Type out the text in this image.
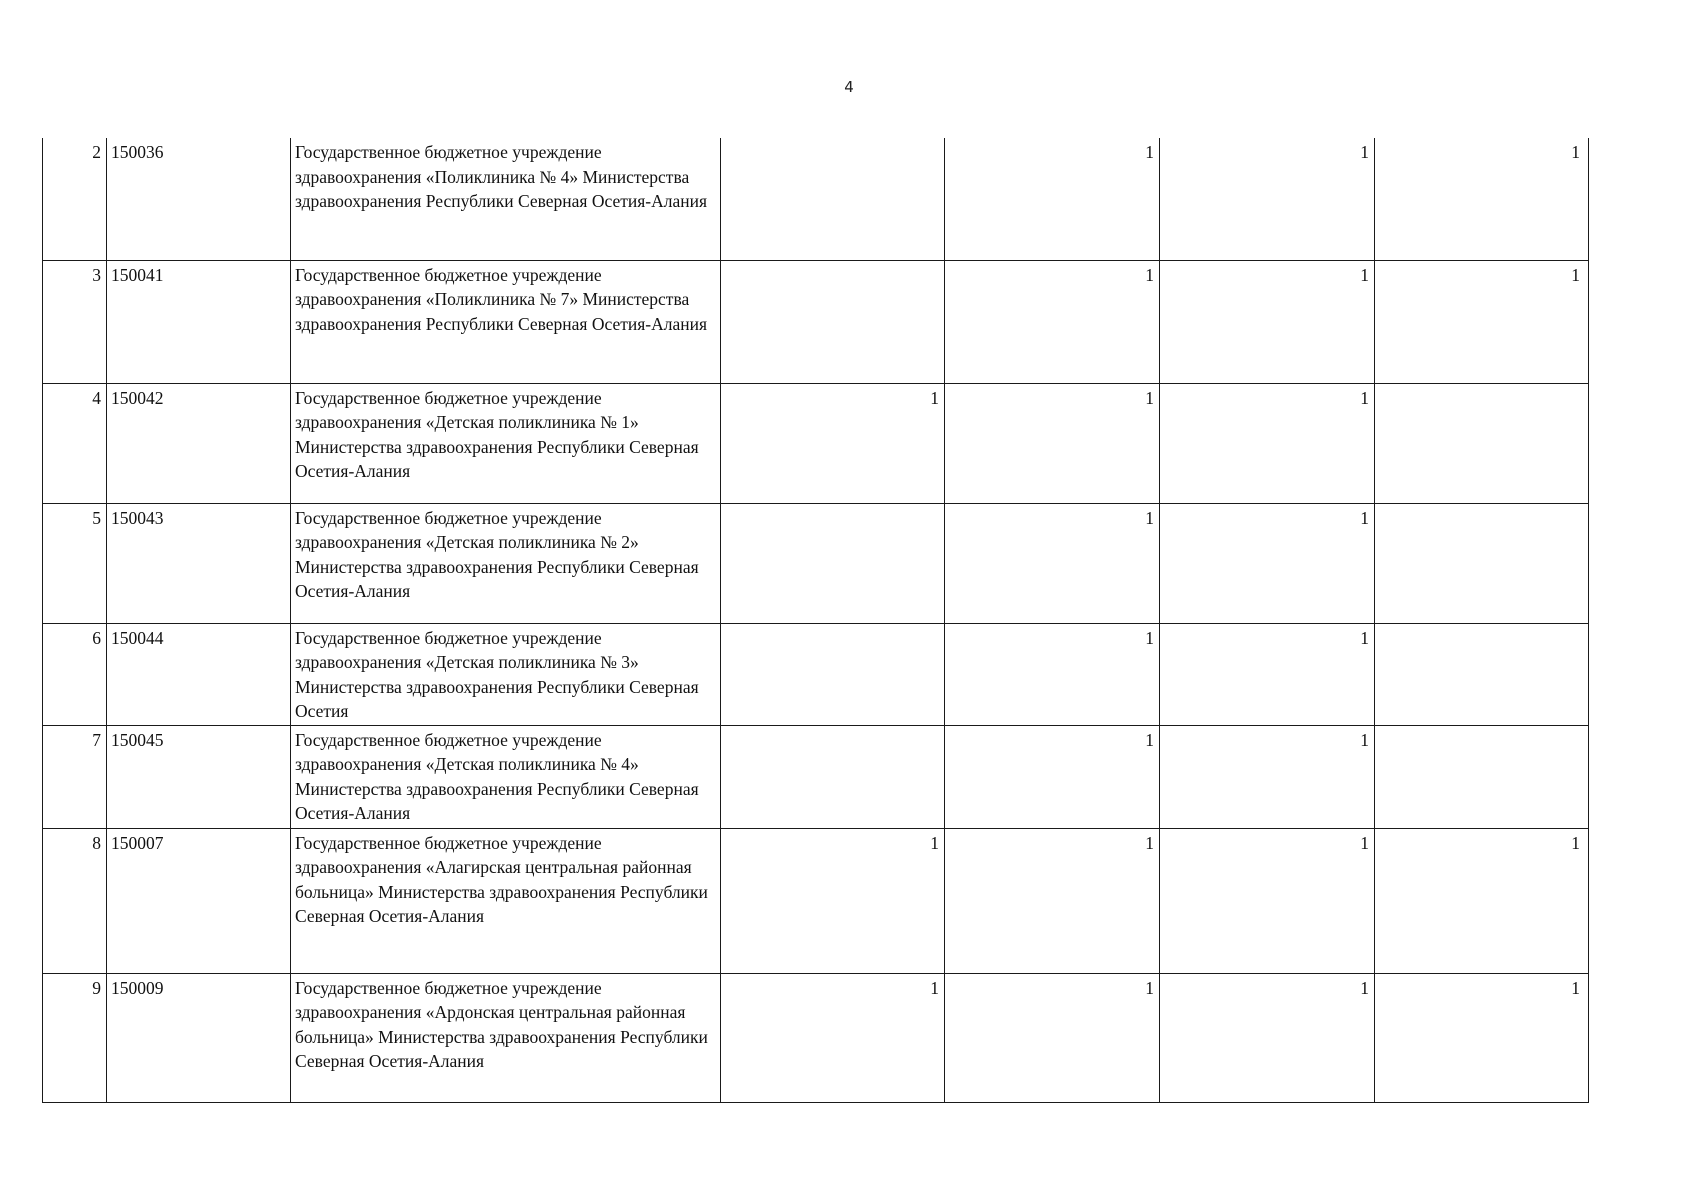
4
2	150036	Государственное бюджетное учреждение здравоохранения «Поликлиника № 4» Министерства здравоохранения Республики Северная Осетия-Алания		1	1	1
3	150041	Государственное бюджетное учреждение здравоохранения «Поликлиника № 7» Министерства здравоохранения Республики Северная Осетия-Алания		1	1	1
4	150042	Государственное бюджетное учреждение здравоохранения «Детская поликлиника № 1» Министерства здравоохранения Республики Северная Осетия-Алания	1	1	1	
5	150043	Государственное бюджетное учреждение здравоохранения «Детская поликлиника № 2» Министерства здравоохранения Республики Северная Осетия-Алания		1	1	
6	150044	Государственное бюджетное учреждение здравоохранения «Детская поликлиника № 3» Министерства здравоохранения Республики Северная Осетия		1	1	
7	150045	Государственное бюджетное учреждение здравоохранения «Детская поликлиника № 4» Министерства здравоохранения Республики Северная Осетия-Алания		1	1	
8	150007	Государственное бюджетное учреждение здравоохранения «Алагирская центральная районная больница» Министерства здравоохранения Республики Северная Осетия-Алания	1	1	1	1
9	150009	Государственное бюджетное учреждение здравоохранения «Ардонская центральная районная больница» Министерства здравоохранения Республики Северная Осетия-Алания	1	1	1	1
